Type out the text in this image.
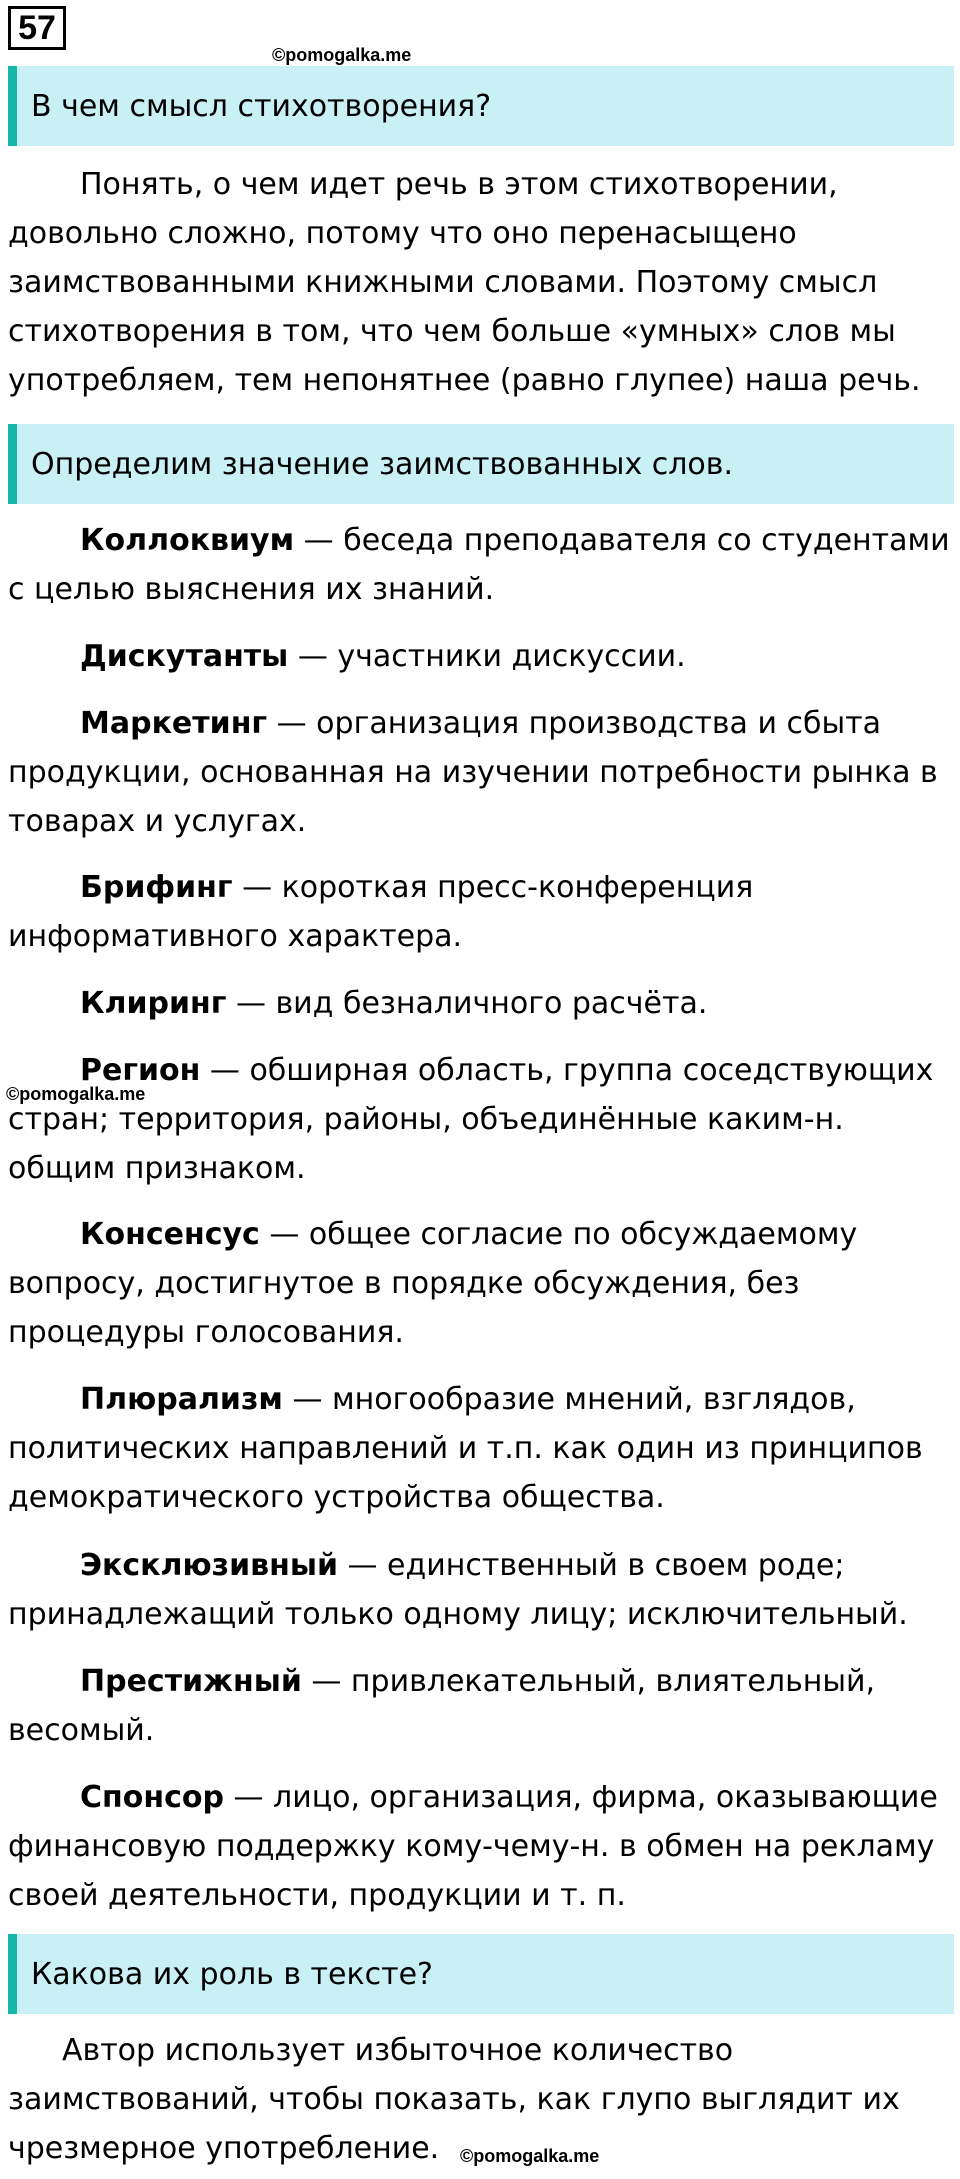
57
©pomogalka.me
В чем смысл стихотворения?

Понять, о чем идет речь в этом стихотворении, довольно сложно, потому что оно перенасыщено заимствованными книжными словами. Поэтому смысл стихотворения в том, что чем больше «умных» слов мы употребляем, тем непонятнее (равно глупее) наша речь.

Определим значение заимствованных слов.

Коллоквиум — беседа преподавателя со студентами с целью выяснения их знаний.

Дискутанты — участники дискуссии.

Маркетинг — организация производства и сбыта продукции, основанная на изучении потребности рынка в товарах и услугах.

Брифинг — короткая пресс-конференция информативного характера.

Клиринг — вид безналичного расчёта.

Регион — обширная область, группа соседствующих стран; территория, районы, объединённые каким-н. общим признаком.

©pomogalka.me

Консенсус — общее согласие по обсуждаемому вопросу, достигнутое в порядке обсуждения, без процедуры голосования.

Плюрализм — многообразие мнений, взглядов, политических направлений и т.п. как один из принципов демократического устройства общества.

Эксклюзивный — единственный в своем роде; принадлежащий только одному лицу; исключительный.

Престижный — привлекательный, влиятельный, весомый.

Спонсор — лицо, организация, фирма, оказывающие финансовую поддержку кому-чему-н. в обмен на рекламу своей деятельности, продукции и т. п.

Какова их роль в тексте?

Автор использует избыточное количество заимствований, чтобы показать, как глупо выглядит их чрезмерное употребление.	©pomogalka.me
